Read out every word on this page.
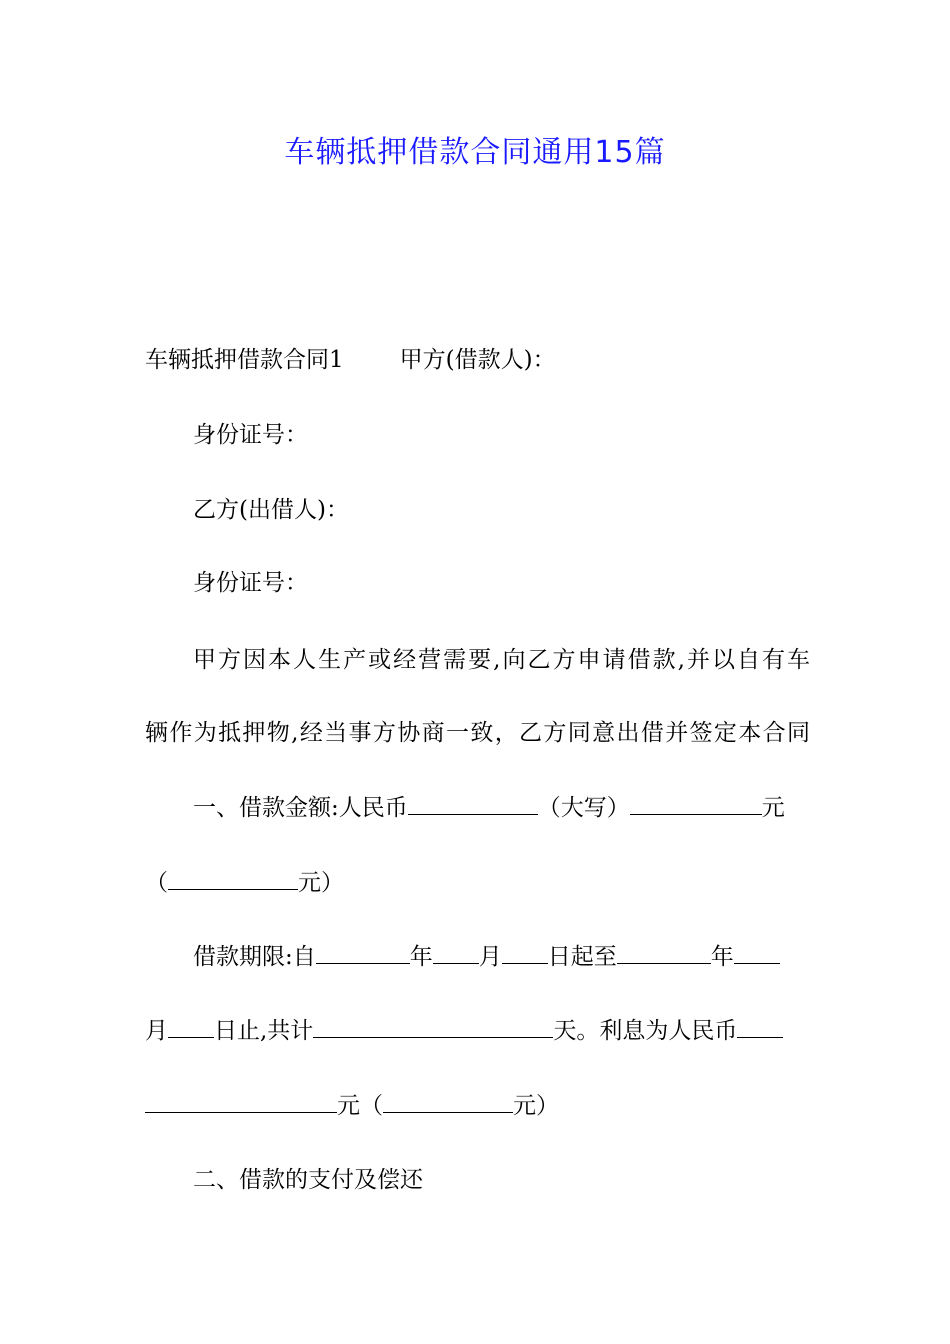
车辆抵押借款合同通用15篇
车辆抵押借款合同1 甲方(借款人)：
身份证号：
乙方(出借人)：
身份证号：
甲方因本人生产或经营需要,向乙方申请借款,并以自有车
辆作为抵押物,经当事方协商一致，乙方同意出借并签定本合同
一、借款金额:人民币	（大写）	元
（	元）
借款期限:自	年 月 日起至	年
月 日止,共计	天。利息为人民币
元（	元）
二、借款的支付及偿还
